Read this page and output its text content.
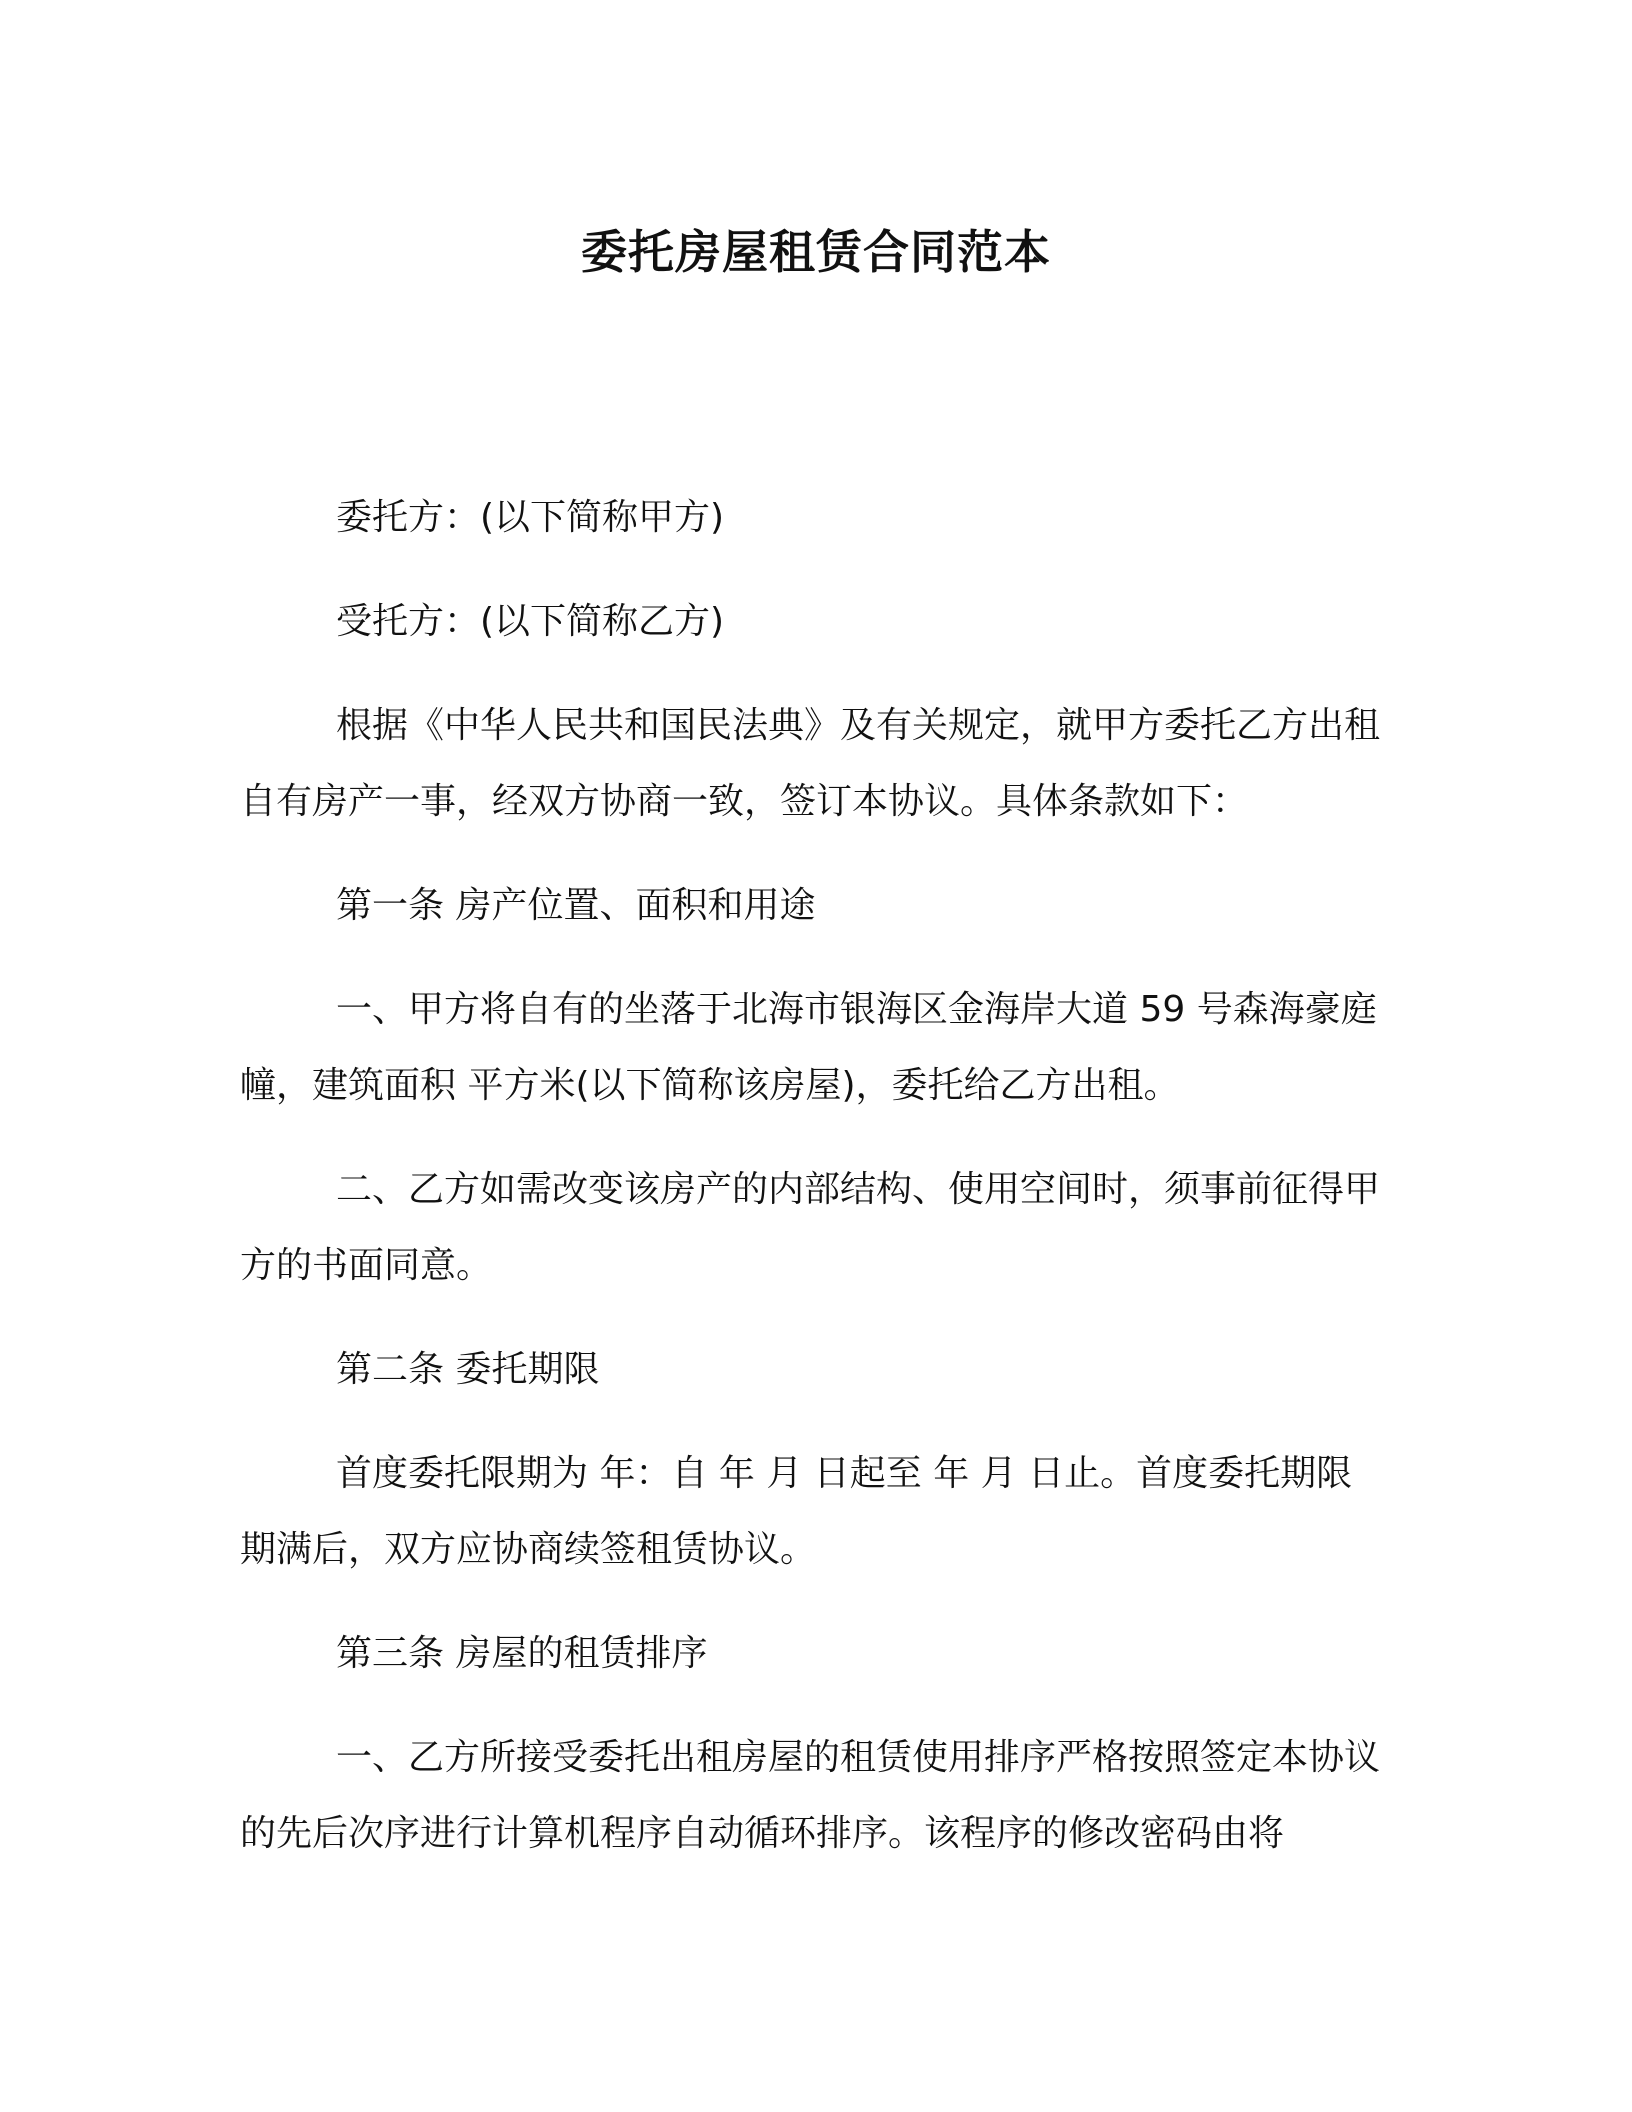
委托房屋租赁合同范本

委托方：(以下简称甲方)

受托方：(以下简称乙方)

根据《中华人民共和国民法典》及有关规定，就甲方委托乙方出租自有房产一事，经双方协商一致，签订本协议。具体条款如下：

第一条 房产位置、面积和用途

一、甲方将自有的坐落于北海市银海区金海岸大道 59 号森海豪庭 幢，建筑面积 平方米(以下简称该房屋)，委托给乙方出租。

二、乙方如需改变该房产的内部结构、使用空间时，须事前征得甲方的书面同意。

第二条 委托期限

首度委托限期为 年：自 年 月 日起至 年 月 日止。首度委托期限期满后，双方应协商续签租赁协议。

第三条 房屋的租赁排序

一、乙方所接受委托出租房屋的租赁使用排序严格按照签定本协议的先后次序进行计算机程序自动循环排序。该程序的修改密码由将
